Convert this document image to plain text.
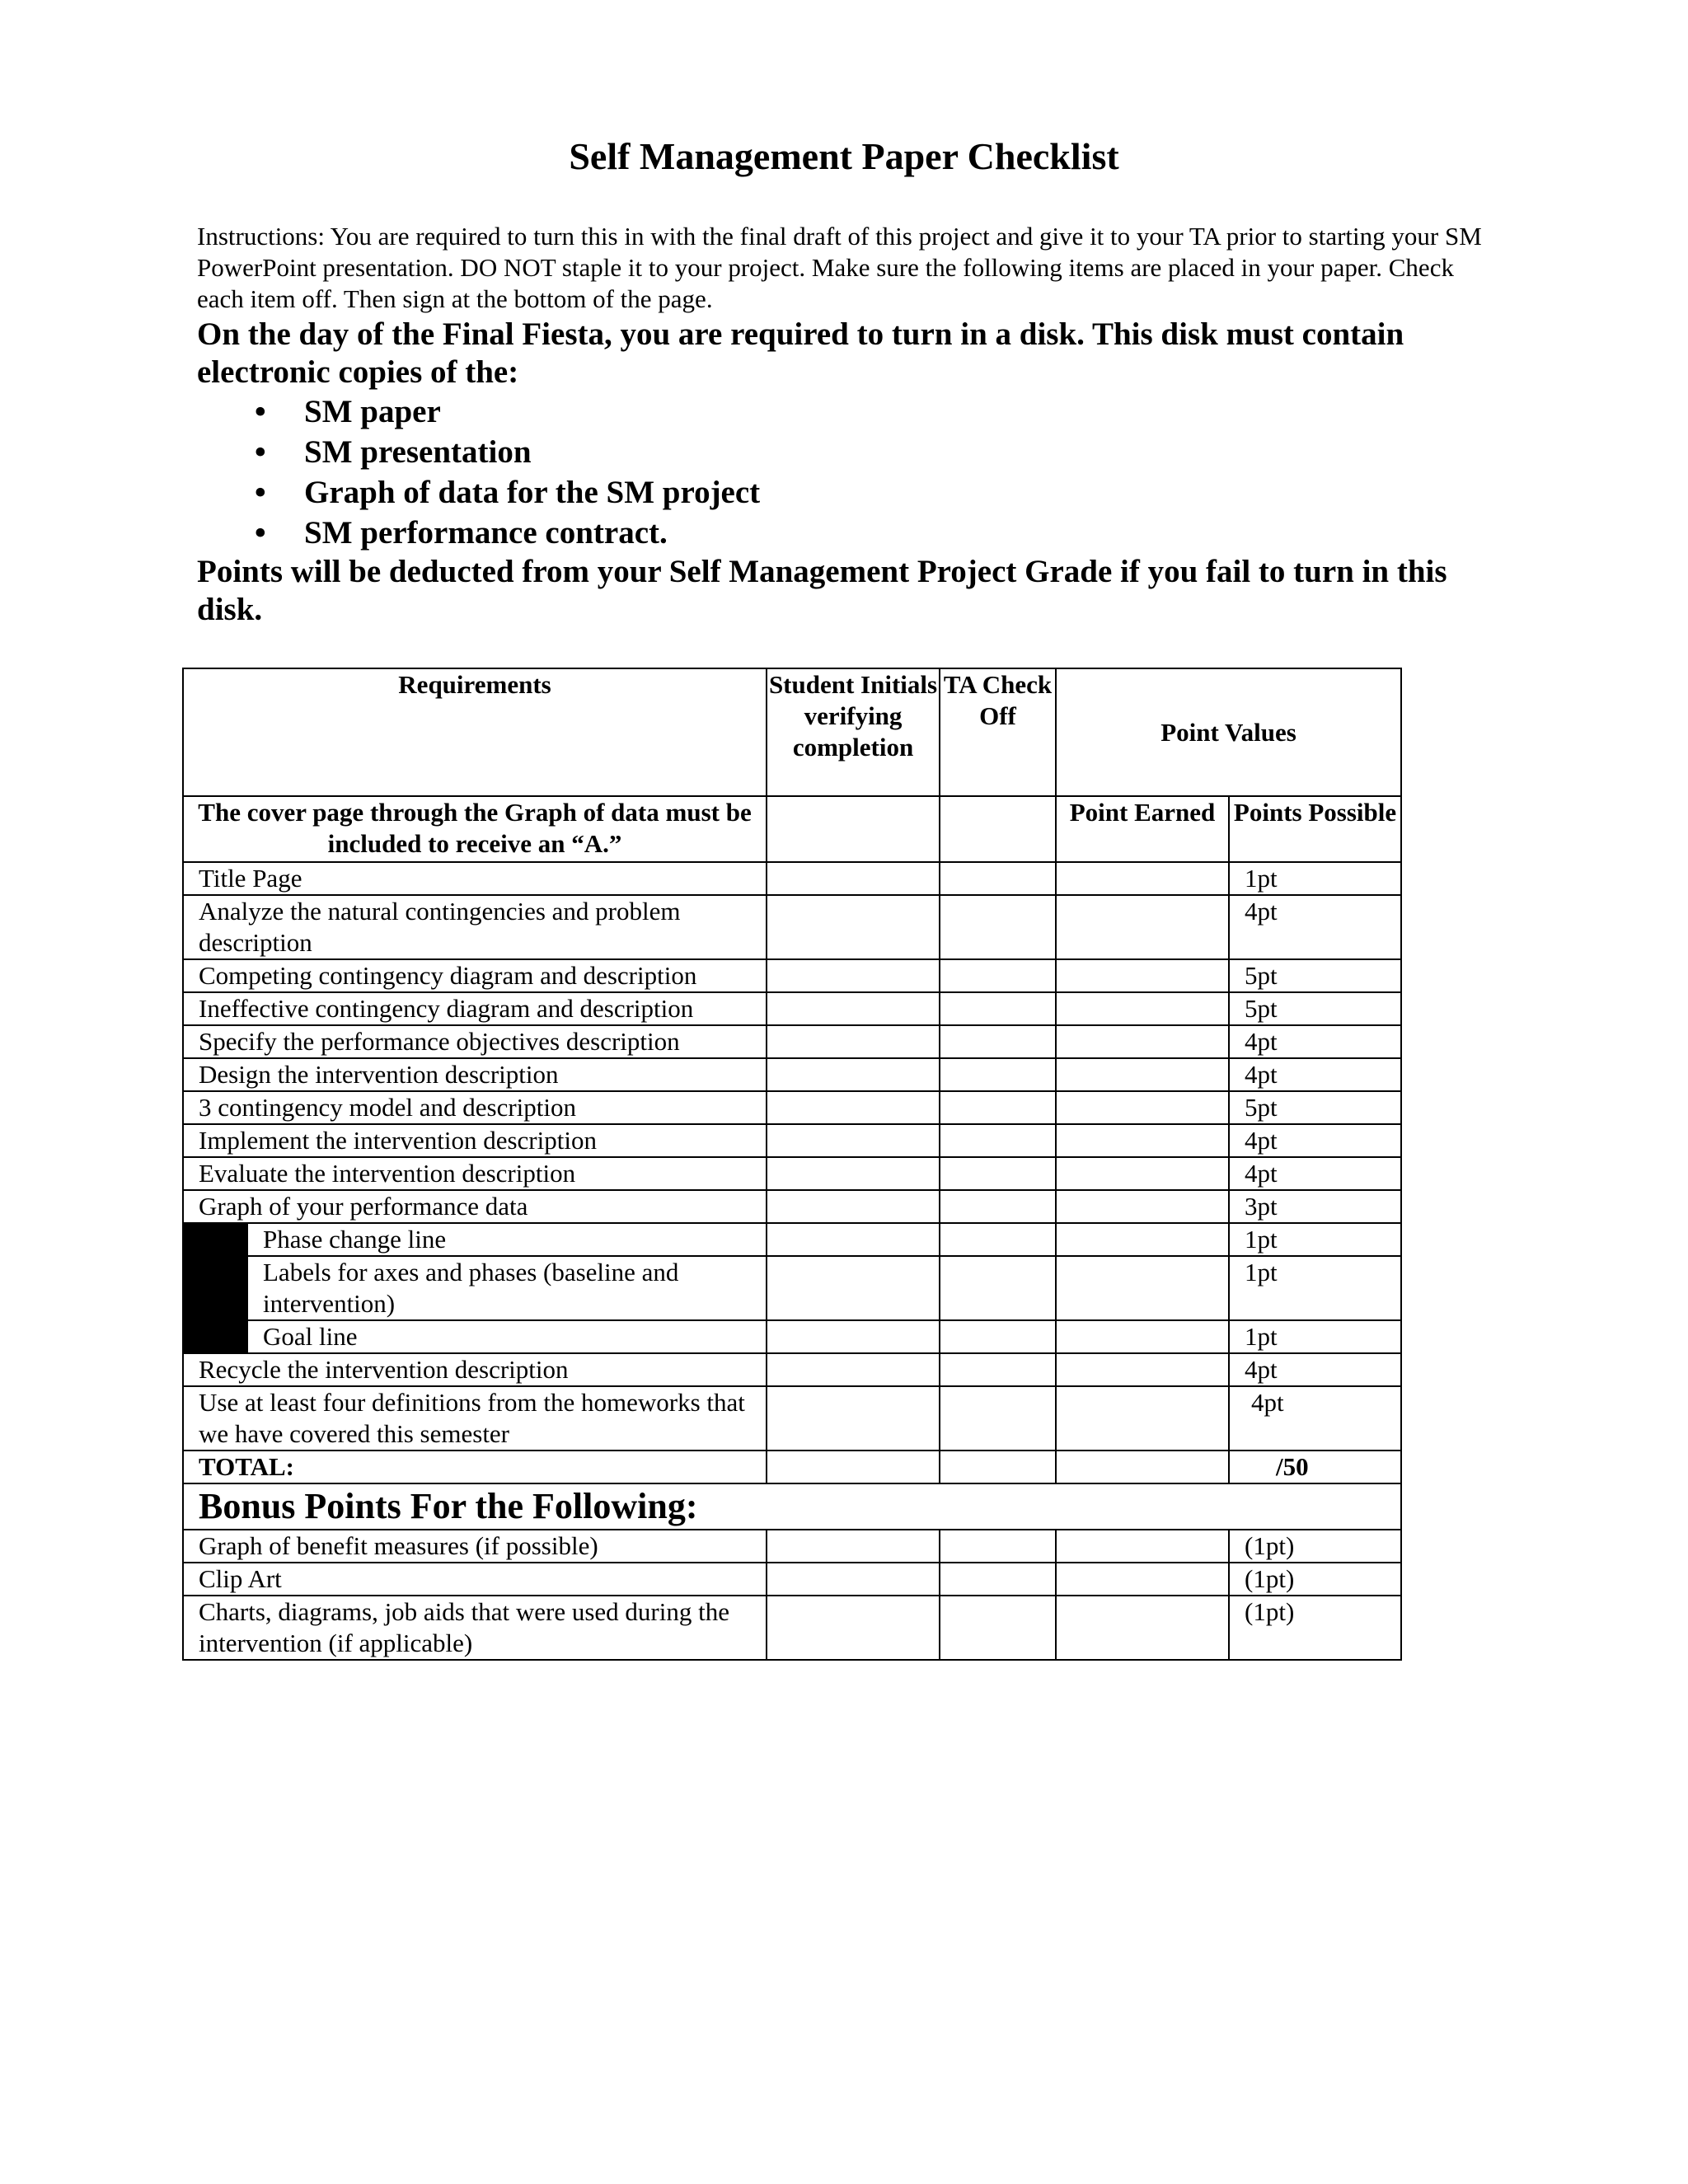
Self Management Paper Checklist
Instructions: You are required to turn this in with the final draft of this project and give it to your TA prior to starting your SM PowerPoint presentation. DO NOT staple it to your project. Make sure the following items are placed in your paper. Check each item off. Then sign at the bottom of the page.
On the day of the Final Fiesta, you are required to turn in a disk. This disk must contain electronic copies of the:
• SM paper
• SM presentation
• Graph of data for the SM project
• SM performance contract.
Points will be deducted from your Self Management Project Grade if you fail to turn in this disk.
Requirements		Student Initials verifying completion	TA Check Off	Point Values	
The cover page through the Graph of data must be included to receive an “A.”				Point Earned	Points Possible
Title Page					1pt
Analyze the natural contingencies and problem description					4pt
Competing contingency diagram and description					5pt
Ineffective contingency diagram and description					5pt
Specify the performance objectives description					4pt
Design the intervention description					4pt
3 contingency model and description					5pt
Implement the intervention description					4pt
Evaluate the intervention description					4pt
Graph of your performance data					3pt
	Phase change line				1pt
	Labels for axes and phases (baseline and intervention)				1pt
	Goal line				1pt
Recycle the intervention description					4pt
Use at least four definitions from the homeworks that we have covered this semester					4pt
TOTAL:					/50
Bonus Points For the Following:					
Graph of benefit measures (if possible)					(1pt)
Clip Art					(1pt)
Charts, diagrams, job aids that were used during the intervention (if applicable)					(1pt)
